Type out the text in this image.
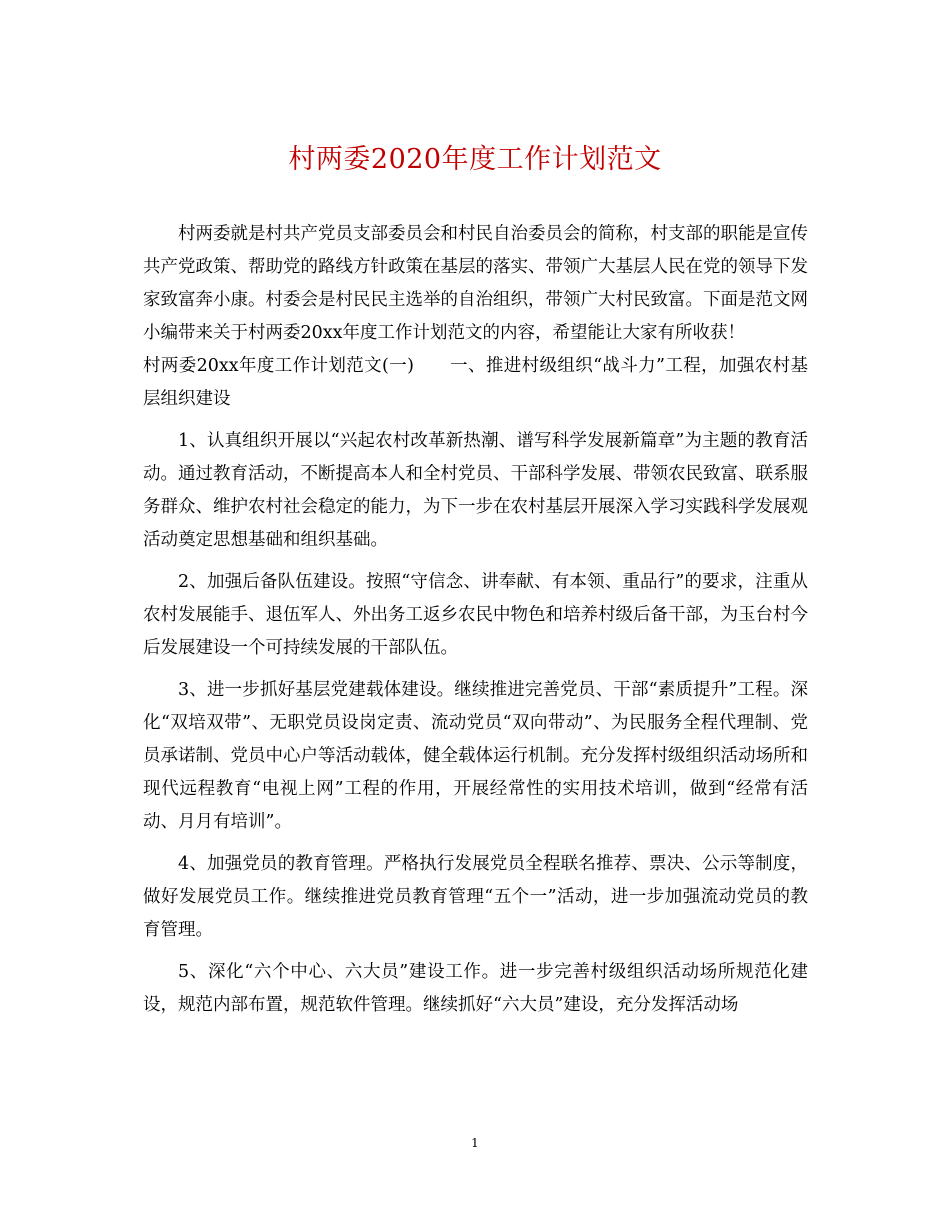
村两委2020年度工作计划范文

村两委就是村共产党员支部委员会和村民自治委员会的简称，村支部的职能是宣传共产党政策、帮助党的路线方针政策在基层的落实、带领广大基层人民在党的领导下发家致富奔小康。村委会是村民民主选举的自治组织，带领广大村民致富。下面是范文网小编带来关于村两委20xx年度工作计划范文的内容，希望能让大家有所收获！

村两委20xx年度工作计划范文(一)　　一、推进村级组织“战斗力”工程，加强农村基层组织建设

1、认真组织开展以“兴起农村改革新热潮、谱写科学发展新篇章”为主题的教育活动。通过教育活动，不断提高本人和全村党员、干部科学发展、带领农民致富、联系服务群众、维护农村社会稳定的能力，为下一步在农村基层开展深入学习实践科学发展观活动奠定思想基础和组织基础。

2、加强后备队伍建设。按照“守信念、讲奉献、有本领、重品行”的要求，注重从农村发展能手、退伍军人、外出务工返乡农民中物色和培养村级后备干部，为玉台村今后发展建设一个可持续发展的干部队伍。

3、进一步抓好基层党建载体建设。继续推进完善党员、干部“素质提升”工程。深化“双培双带”、无职党员设岗定责、流动党员“双向带动”、为民服务全程代理制、党员承诺制、党员中心户等活动载体，健全载体运行机制。充分发挥村级组织活动场所和现代远程教育“电视上网”工程的作用，开展经常性的实用技术培训，做到“经常有活动、月月有培训”。

4、加强党员的教育管理。严格执行发展党员全程联名推荐、票决、公示等制度，做好发展党员工作。继续推进党员教育管理“五个一”活动，进一步加强流动党员的教育管理。

5、深化“六个中心、六大员”建设工作。进一步完善村级组织活动场所规范化建设，规范内部布置，规范软件管理。继续抓好“六大员”建设，充分发挥活动场

1
